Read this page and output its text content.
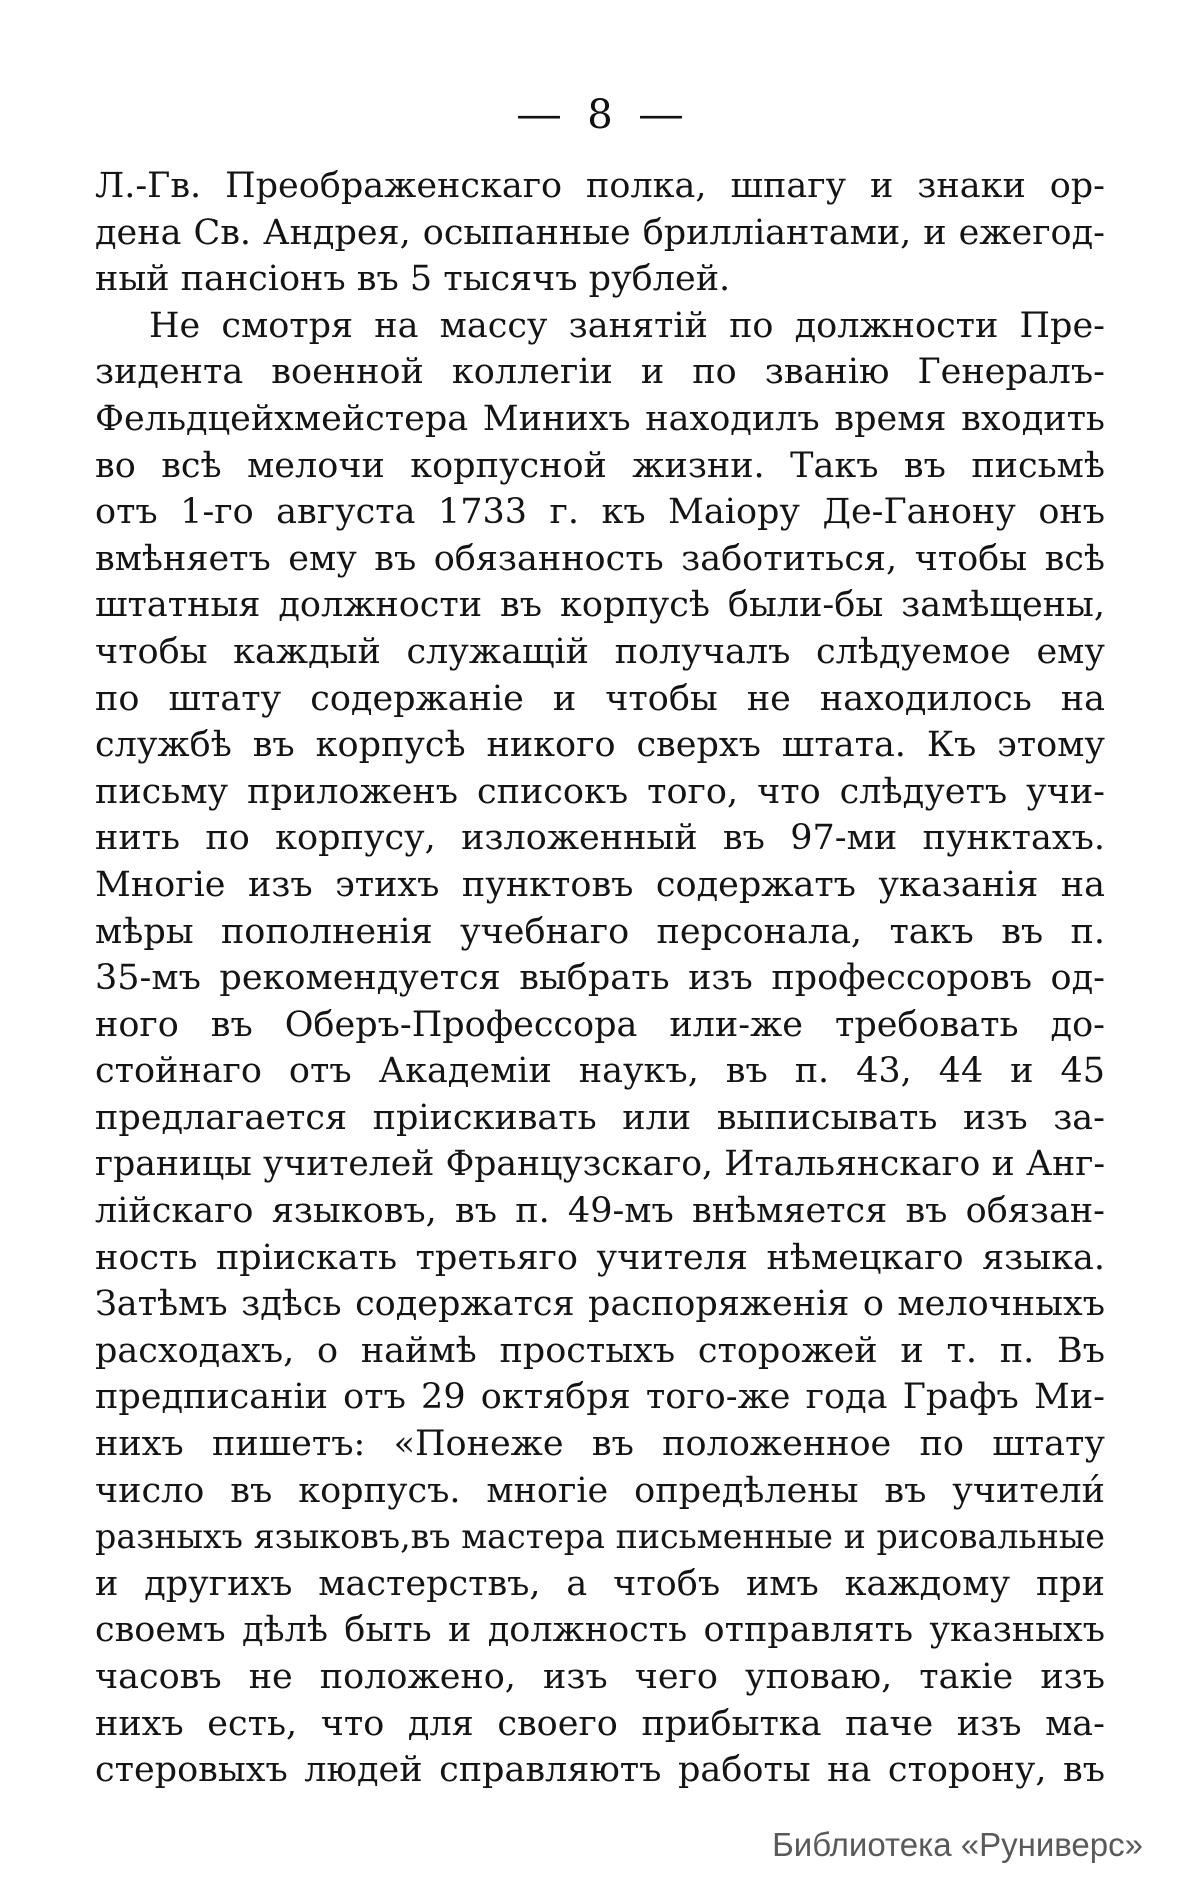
— 8 —
Л.-Гв. Преображенскаго полка, шпагу и знаки ор-
дена Св. Андрея, осыпанные брилліантами, и ежегод-
ный пансіонъ въ 5 тысячъ рублей.
Не смотря на массу занятій по должности Пре-
зидента военной коллегіи и по званію Генералъ-
Фельдцейхмейстера Минихъ находилъ время входить
во всѣ мелочи корпусной жизни. Такъ въ письмѣ
отъ 1-го августа 1733 г. къ Маіору Де-Ганону онъ
вмѣняетъ ему въ обязанность заботиться, чтобы всѣ
штатныя должности въ корпусѣ были-бы замѣщены,
чтобы каждый служащій получалъ слѣдуемое ему
по штату содержаніе и чтобы не находилось на
службѣ въ корпусѣ никого сверхъ штата. Къ этому
письму приложенъ списокъ того, что слѣдуетъ учи-
нить по корпусу, изложенный въ 97-ми пунктахъ.
Многіе изъ этихъ пунктовъ содержатъ указанія на
мѣры пополненія учебнаго персонала, такъ въ п.
35-мъ рекомендуется выбрать изъ профессоровъ од-
ного въ Оберъ-Профессора или-же требовать до-
стойнаго отъ Академіи наукъ, въ п. 43, 44 и 45
предлагается пріискивать или выписывать изъ за-
границы учителей Французскаго, Итальянскаго и Анг-
лійскаго языковъ, въ п. 49-мъ внѣмяется въ обязан-
ность пріискать третьяго учителя нѣмецкаго языка.
Затѣмъ здѣсь содержатся распоряженія о мелочныхъ
расходахъ, о наймѣ простыхъ сторожей и т. п. Въ
предписаніи отъ 29 октября того-же года Графъ Ми-
нихъ пишетъ: «Понеже въ положенное по штату
число въ корпусъ. многіе опредѣлены въ учители́
разныхъ языковъ,въ мастера письменные и рисовальные
и другихъ мастерствъ, а чтобъ имъ каждому при
своемъ дѣлѣ быть и должность отправлять указныхъ
часовъ не положено, изъ чего уповаю, такіе изъ
нихъ есть, что для своего прибытка паче изъ ма-
стеровыхъ людей справляютъ работы на сторону, въ
Библиотека «Руниверс»
